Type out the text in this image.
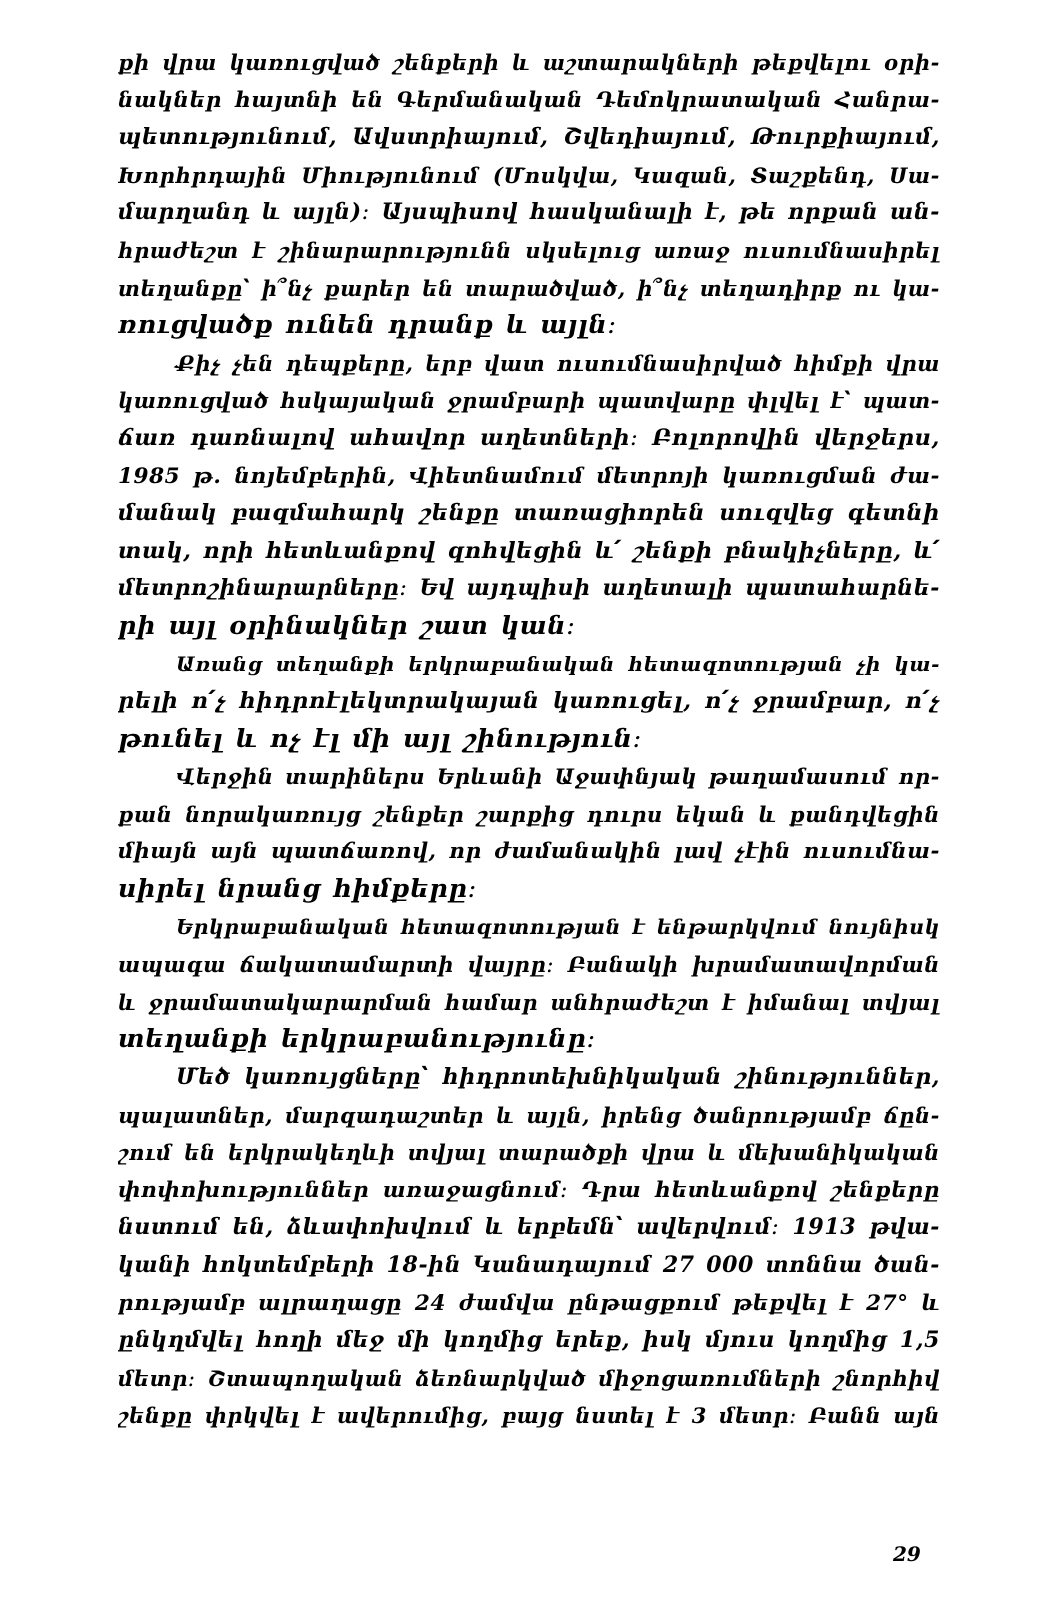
քի վրա կառուցված շենքերի և աշտարակների թեքվելու օրի-
նակներ հայտնի են Գերմանական Դեմոկրատական Հանրա-
պետությունում, Ավստրիայում, Շվեդիայում, Թուրքիայում,
Խորհրդային Միությունում (Մոսկվա, Կազան, Տաշքենդ, Սա-
մարղանդ և այլն)։ Այսպիսով հասկանալի է, թե որքան ան-
հրաժեշտ է շինարարությունն սկսելուց առաջ ուսումնասիրել
տեղանքը՝ ի՞նչ քարեր են տարածված, ի՞նչ տեղադիրք ու կա-
ռուցվածք ունեն դրանք և այլն։
Քիչ չեն դեպքերը, երբ վատ ուսումնասիրված հիմքի վրա
կառուցված հսկայական ջրամբարի պատվարը փլվել է՝ պատ-
ճառ դառնալով ահավոր աղետների։ Բոլորովին վերջերս,
1985 թ. նոյեմբերին, Վիետնամում մետրոյի կառուցման ժա-
մանակ բազմահարկ շենքը տառացիորեն սուզվեց գետնի
տակ, որի հետևանքով զոհվեցին և՛ շենքի բնակիչները, և՛
մետրոշինարարները։ Եվ այդպիսի աղետալի պատահարնե-
րի այլ օրինակներ շատ կան։
Առանց տեղանքի երկրաբանական հետազոտության չի կա-
րելի ո՛չ հիդրոէլեկտրակայան կառուցել, ո՛չ ջրամբար, ո՛չ
թունել և ոչ էլ մի այլ շինություն։
Վերջին տարիներս Երևանի Աջափնյակ թաղամասում որ-
քան նորակառույց շենքեր շարքից դուրս եկան և քանդվեցին
միայն այն պատճառով, որ ժամանակին լավ չէին ուսումնա-
սիրել նրանց հիմքերը։
Երկրաբանական հետազոտության է ենթարկվում նույնիսկ
ապագա ճակատամարտի վայրը։ Բանակի խրամատավորման
և ջրամատակարարման համար անհրաժեշտ է իմանալ տվյալ
տեղանքի երկրաբանությունը։
Մեծ կառույցները՝ հիդրոտեխնիկական շինություններ,
պալատներ, մարզադաշտեր և այլն, իրենց ծանրությամբ ճըն-
շում են երկրակեղևի տվյալ տարածքի վրա և մեխանիկական
փոփոխություններ առաջացնում։ Դրա հետևանքով շենքերը
նստում են, ձևափոխվում և երբեմն՝ ավերվում։ 1913 թվա-
կանի հոկտեմբերի 18-ին Կանադայում 27 000 տոննա ծան-
րությամբ ալրաղացը 24 ժամվա ընթացքում թեքվել է 27° և
ընկղմվել հողի մեջ մի կողմից երեք, իսկ մյուս կողմից 1,5
մետր։ Շտապողական ձեռնարկված միջոցառումների շնորհիվ
շենքը փրկվել է ավերումից, բայց նստել է 3 մետր։ Բանն այն
29
